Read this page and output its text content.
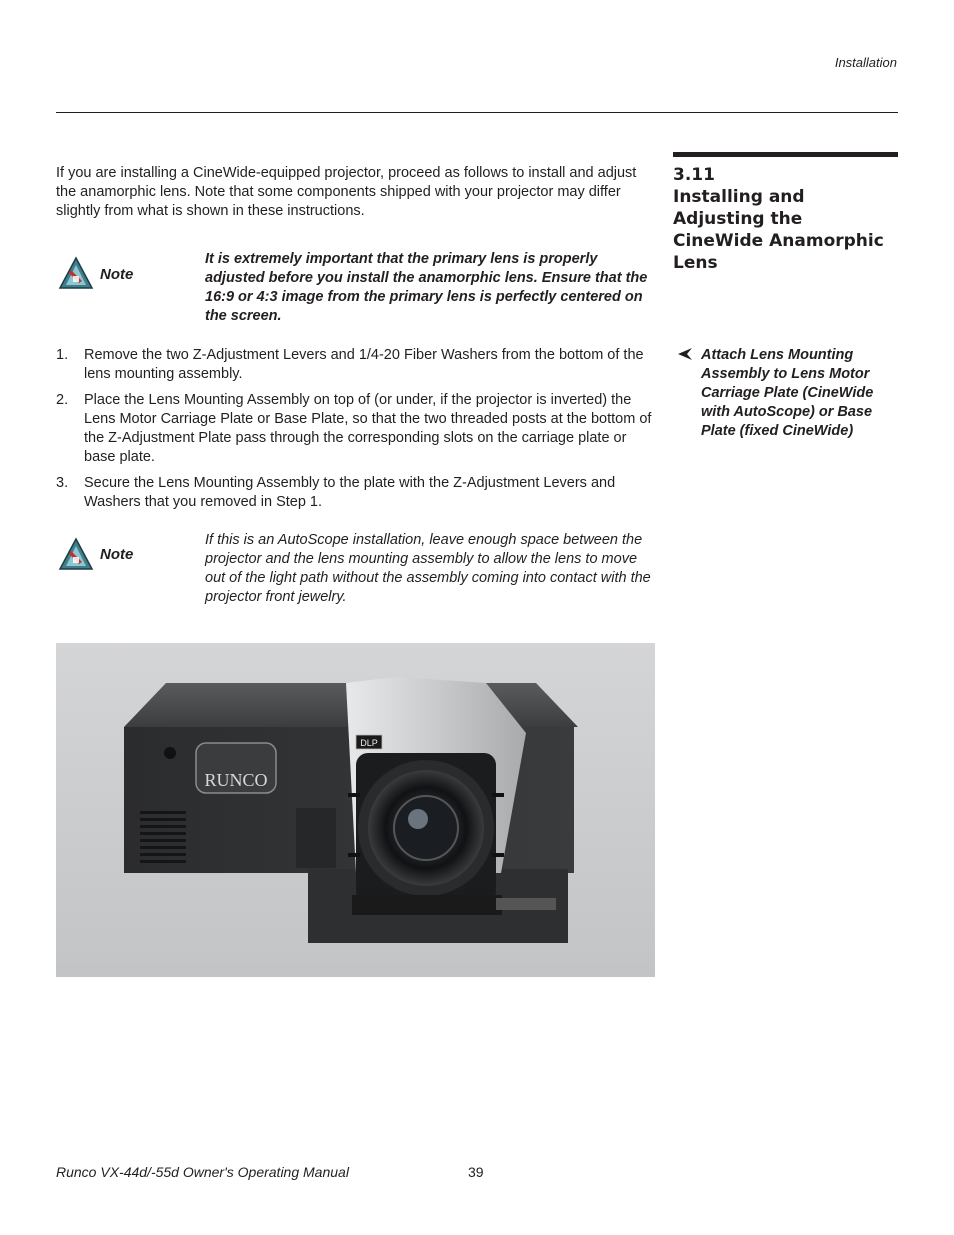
Installation
3.11
Installing and
Adjusting the
CineWide Anamorphic
Lens
If you are installing a CineWide-equipped projector, proceed as follows to install and adjust the anamorphic lens. Note that some components shipped with your projector may differ slightly from what is shown in these instructions.
Note
It is extremely important that the primary lens is properly adjusted before you install the anamorphic lens. Ensure that the 16:9 or 4:3 image from the primary lens is perfectly centered on the screen.
1. Remove the two Z-Adjustment Levers and 1/4-20 Fiber Washers from the bottom of the lens mounting assembly.
2. Place the Lens Mounting Assembly on top of (or under, if the projector is inverted) the Lens Motor Carriage Plate or Base Plate, so that the two threaded posts at the bottom of the Z-Adjustment Plate pass through the corresponding slots on the carriage plate or base plate.
3. Secure the Lens Mounting Assembly to the plate with the Z-Adjustment Levers and Washers that you removed in Step 1.
Attach Lens Mounting Assembly to Lens Motor Carriage Plate (CineWide with AutoScope) or Base Plate (fixed CineWide)
Note
If this is an AutoScope installation, leave enough space between the projector and the lens mounting assembly to allow the lens to move out of the light path without the assembly coming into contact with the projector front jewelry.
RUNCO
DLP
Runco VX-44d/-55d Owner's Operating Manual	39
